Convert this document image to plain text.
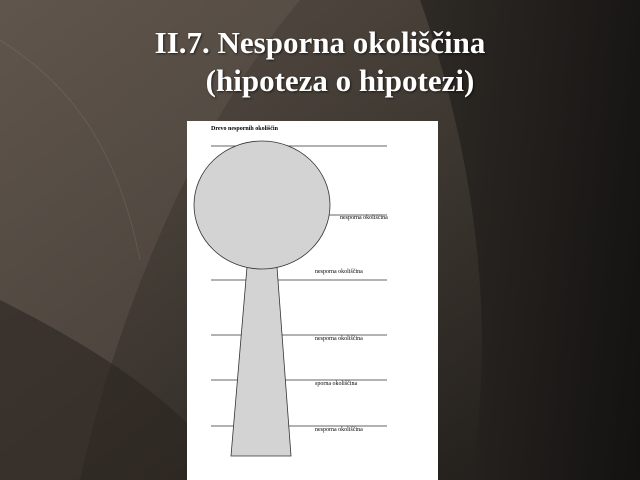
II.7. Nesporna okoliščina
(hipoteza o hipotezi)
Drevo nespornih okoliščin
nesporna okoliščina
nesporna okoliščina
nesporna okoliščina
sporna okoliščina
nesporna okoliščina
